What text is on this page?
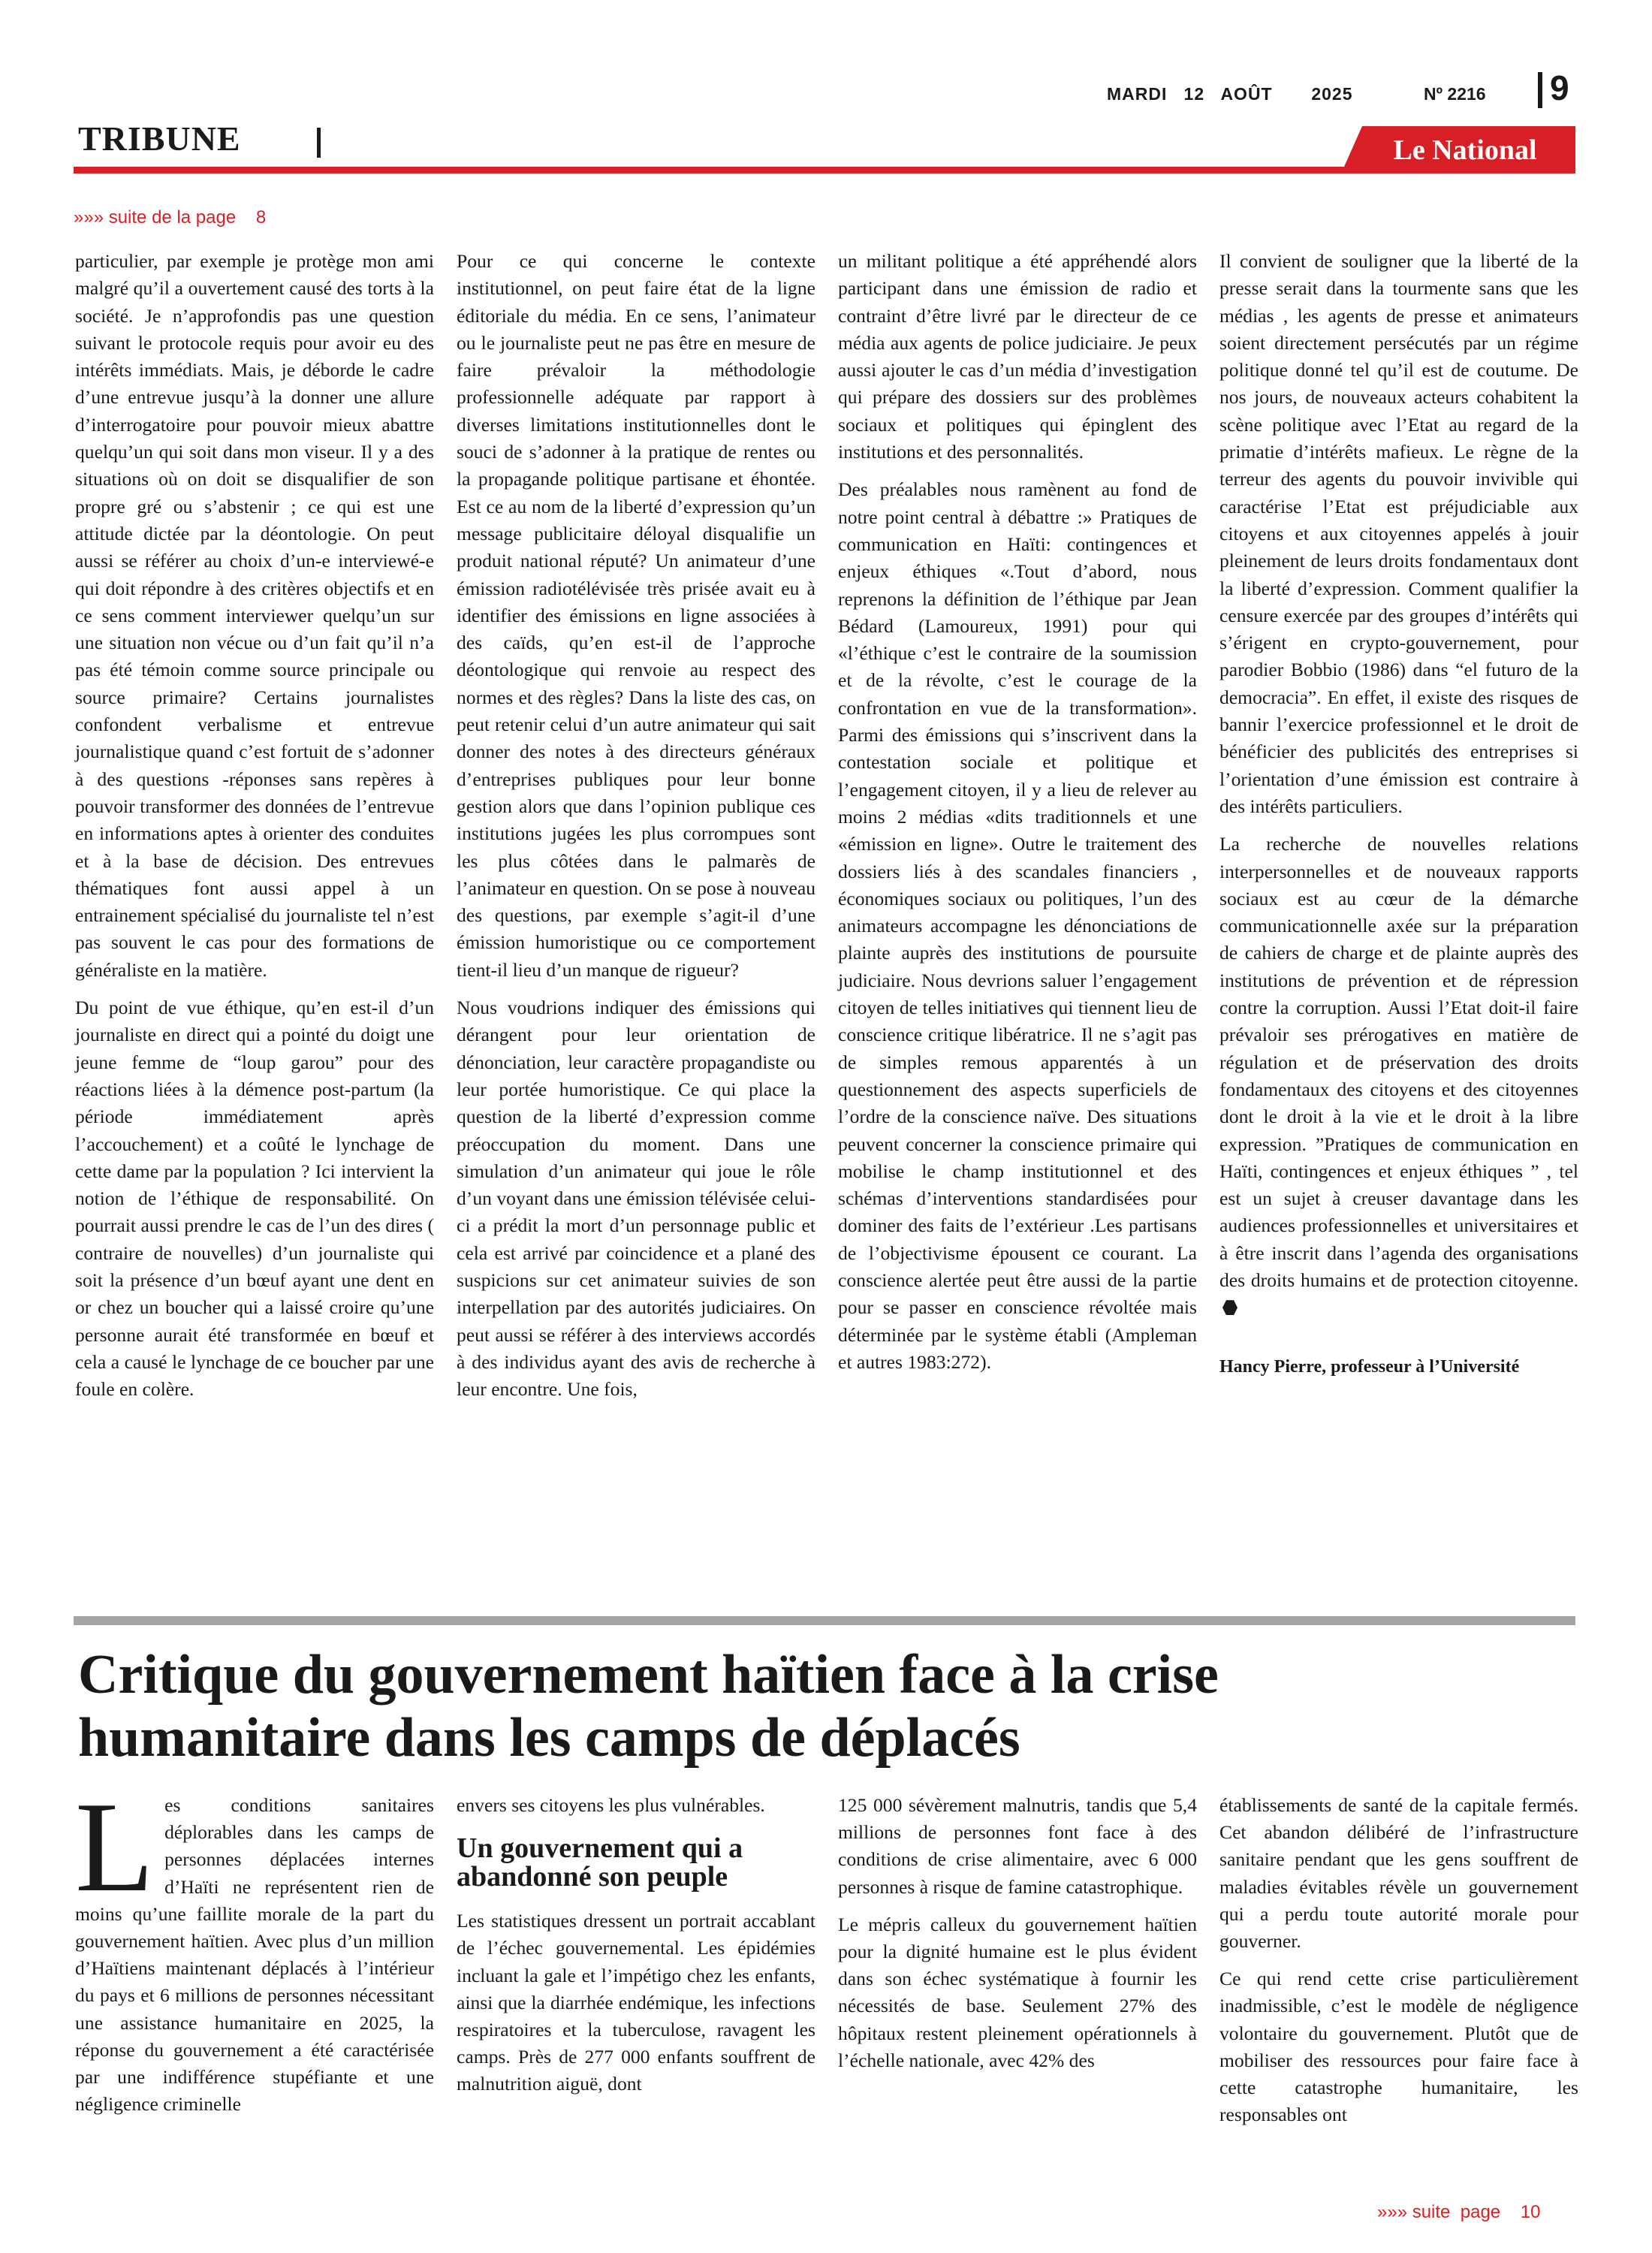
MARDI   12   AOÛT       2025	Nº 2216 9
TRIBUNE	Le National
»»» suite de la page    8

particulier, par exemple je protège mon ami malgré qu’il a ouvertement causé des torts à la société. Je n’approfondis pas une question suivant le protocole requis pour avoir eu des intérêts immédiats. Mais, je déborde le cadre d’une entrevue jusqu’à la donner une allure d’interrogatoire pour pouvoir mieux abattre quelqu’un qui soit dans mon viseur. Il y a des situations où on doit se disqualifier de son propre gré ou s’abstenir ; ce qui est une attitude dictée par la déontologie. On peut aussi se référer au choix d’un-e interviewé-e qui doit répondre à des critères objectifs et en ce sens comment interviewer quelqu’un sur une situation non vécue ou d’un fait qu’il n’a pas été témoin comme source principale ou source primaire? Certains journalistes confondent verbalisme et entrevue journalistique quand c’est fortuit de s’adonner à des questions -réponses sans repères à pouvoir transformer des données de l’entrevue en informations aptes à orienter des conduites et à la base de décision. Des entrevues thématiques font aussi appel à un entrainement spécialisé du journaliste tel n’est pas souvent le cas pour des formations de généraliste en la matière.

Du point de vue éthique, qu’en est-il d’un journaliste en direct qui a pointé du doigt une jeune femme de “loup garou” pour des réactions liées à la démence post-partum (la période immédiatement après l’accouchement) et a coûté le lynchage de cette dame par la population ? Ici intervient la notion de l’éthique de responsabilité. On pourrait aussi prendre le cas de l’un des dires ( contraire de nouvelles) d’un journaliste qui soit la présence d’un bœuf ayant une dent en or chez un boucher qui a laissé croire qu’une personne aurait été transformée en bœuf et cela a causé le lynchage de ce boucher par une foule en colère.

Pour ce qui concerne le contexte institutionnel, on peut faire état de la ligne éditoriale du média. En ce sens, l’animateur ou le journaliste peut ne pas être en mesure de faire prévaloir la méthodologie professionnelle adéquate par rapport à diverses limitations institutionnelles dont le souci de s’adonner à la pratique de rentes ou la propagande politique partisane et éhontée. Est ce au nom de la liberté d’expression qu’un message publicitaire déloyal disqualifie un produit national réputé? Un animateur d’une émission radiotélévisée très prisée avait eu à identifier des émissions en ligne associées à des caïds, qu’en est-il de l’approche déontologique qui renvoie au respect des normes et des règles? Dans la liste des cas, on peut retenir celui d’un autre animateur qui sait donner des notes à des directeurs généraux d’entreprises publiques pour leur bonne gestion alors que dans l’opinion publique ces institutions jugées les plus corrompues sont les plus côtées dans le palmarès de l’animateur en question. On se pose à nouveau des questions, par exemple s’agit-il d’une émission humoristique ou ce comportement tient-il lieu d’un manque de rigueur?

Nous voudrions indiquer des émissions qui dérangent pour leur orientation de dénonciation, leur caractère propagandiste ou leur portée humoristique. Ce qui place la question de la liberté d’expression comme préoccupation du moment. Dans une simulation d’un animateur qui joue le rôle d’un voyant dans une émission télévisée celui-ci a prédit la mort d’un personnage public et cela est arrivé par coincidence et a plané des suspicions sur cet animateur suivies de son interpellation par des autorités judiciaires. On peut aussi se référer à des interviews accordés à des individus ayant des avis de recherche à leur encontre. Une fois,

un militant politique a été appréhendé alors participant dans une émission de radio et contraint d’être livré par le directeur de ce média aux agents de police judiciaire. Je peux aussi ajouter le cas d’un média d’investigation qui prépare des dossiers sur des problèmes sociaux et politiques qui épinglent des institutions et des personnalités.

Des préalables nous ramènent au fond de notre point central à débattre :» Pratiques de communication en Haïti: contingences et enjeux éthiques «.Tout d’abord, nous reprenons la définition de l’éthique par Jean Bédard (Lamoureux, 1991) pour qui «l’éthique c’est le contraire de la soumission et de la révolte, c’est le courage de la confrontation en vue de la transformation». Parmi des émissions qui s’inscrivent dans la contestation sociale et politique et l’engagement citoyen, il y a lieu de relever au moins 2 médias «dits traditionnels et une «émission en ligne». Outre le traitement des dossiers liés à des scandales financiers , économiques sociaux ou politiques, l’un des animateurs accompagne les dénonciations de plainte auprès des institutions de poursuite judiciaire. Nous devrions saluer l’engagement citoyen de telles initiatives qui tiennent lieu de conscience critique libératrice. Il ne s’agit pas de simples remous apparentés à un questionnement des aspects superficiels de l’ordre de la conscience naïve. Des situations peuvent concerner la conscience primaire qui mobilise le champ institutionnel et des schémas d’interventions standardisées pour dominer des faits de l’extérieur .Les partisans de l’objectivisme épousent ce courant. La conscience alertée peut être aussi de la partie pour se passer en conscience révoltée mais déterminée par le système établi (Ampleman et autres 1983:272).

Il convient de souligner que la liberté de la presse serait dans la tourmente sans que les médias , les agents de presse et animateurs soient directement persécutés par un régime politique donné tel qu’il est de coutume. De nos jours, de nouveaux acteurs cohabitent la scène politique avec l’Etat au regard de la primatie d’intérêts mafieux. Le règne de la terreur des agents du pouvoir invivible qui caractérise l’Etat est préjudiciable aux citoyens et aux citoyennes appelés à jouir pleinement de leurs droits fondamentaux dont la liberté d’expression. Comment qualifier la censure exercée par des groupes d’intérêts qui s’érigent en crypto-gouvernement, pour parodier Bobbio (1986) dans “el futuro de la democracia”. En effet, il existe des risques de bannir l’exercice professionnel et le droit de bénéficier des publicités des entreprises si l’orientation d’une émission est contraire à des intérêts particuliers.

La recherche de nouvelles relations interpersonnelles et de nouveaux rapports sociaux est au cœur de la démarche communicationnelle axée sur la préparation de cahiers de charge et de plainte auprès des institutions de prévention et de répression contre la corruption. Aussi l’Etat doit-il faire prévaloir ses prérogatives en matière de régulation et de préservation des droits fondamentaux des citoyens et des citoyennes dont le droit à la vie et le droit à la libre expression. ”Pratiques de communication en Haïti, contingences et enjeux éthiques ” , tel est un sujet à creuser davantage dans les audiences professionnelles et universitaires et à être inscrit dans l’agenda des organisations des droits humains et de protection citoyenne.

Hancy Pierre, professeur à l’Université

Critique du gouvernement haïtien face à la crise humanitaire dans les camps de déplacés

Les conditions sanitaires déplorables dans les camps de personnes déplacées internes d’Haïti ne représentent rien de moins qu’une faillite morale de la part du gouvernement haïtien. Avec plus d’un million d’Haïtiens maintenant déplacés à l’intérieur du pays et 6 millions de personnes nécessitant une assistance humanitaire en 2025, la réponse du gouvernement a été caractérisée par une indifférence stupéfiante et une négligence criminelle

envers ses citoyens les plus vulnérables.

Un gouvernement qui a abandonné son peuple

Les statistiques dressent un portrait accablant de l’échec gouvernemental. Les épidémies incluant la gale et l’impétigo chez les enfants, ainsi que la diarrhée endémique, les infections respiratoires et la tuberculose, ravagent les camps. Près de 277 000 enfants souffrent de malnutrition aiguë, dont

125 000 sévèrement malnutris, tandis que 5,4 millions de personnes font face à des conditions de crise alimentaire, avec 6 000 personnes à risque de famine catastrophique.

Le mépris calleux du gouvernement haïtien pour la dignité humaine est le plus évident dans son échec systématique à fournir les nécessités de base. Seulement 27% des hôpitaux restent pleinement opérationnels à l’échelle nationale, avec 42% des

établissements de santé de la capitale fermés. Cet abandon délibéré de l’infrastructure sanitaire pendant que les gens souffrent de maladies évitables révèle un gouvernement qui a perdu toute autorité morale pour gouverner.

Ce qui rend cette crise particulièrement inadmissible, c’est le modèle de négligence volontaire du gouvernement. Plutôt que de mobiliser des ressources pour faire face à cette catastrophe humanitaire, les responsables ont

»»» suite  page    10
